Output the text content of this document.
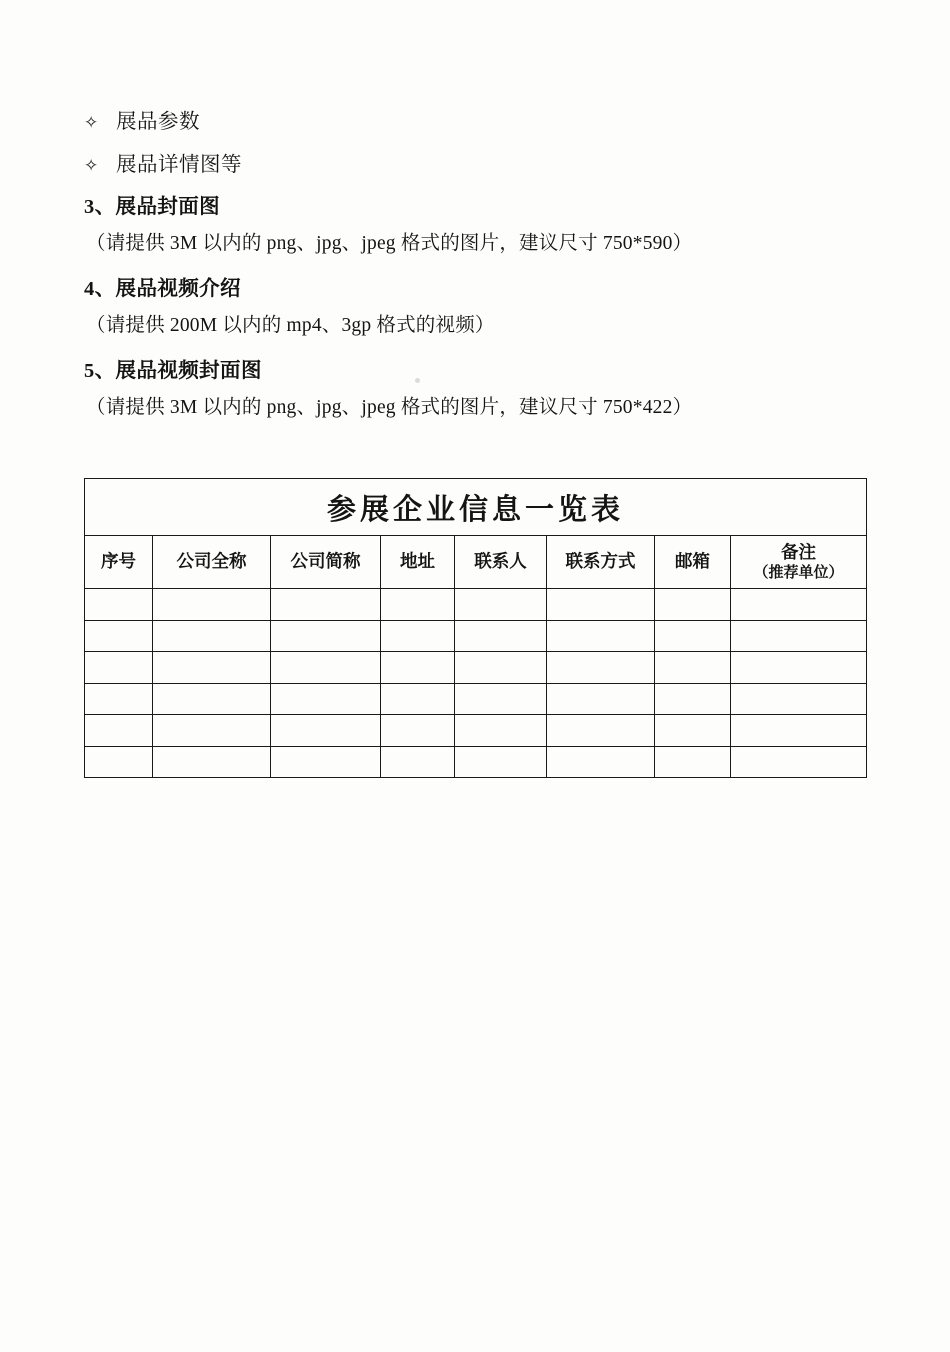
✧ 展品参数
✧ 展品详情图等
3、展品封面图
（请提供 3M 以内的 png、jpg、jpeg 格式的图片，建议尺寸 750*590）
4、展品视频介绍
（请提供 200M 以内的 mp4、3gp 格式的视频）
5、展品视频封面图
（请提供 3M 以内的 png、jpg、jpeg 格式的图片，建议尺寸 750*422）
参展企业信息一览表							
序号	公司全称	公司简称	地址	联系人	联系方式	邮箱	备注
（推荐单位）
